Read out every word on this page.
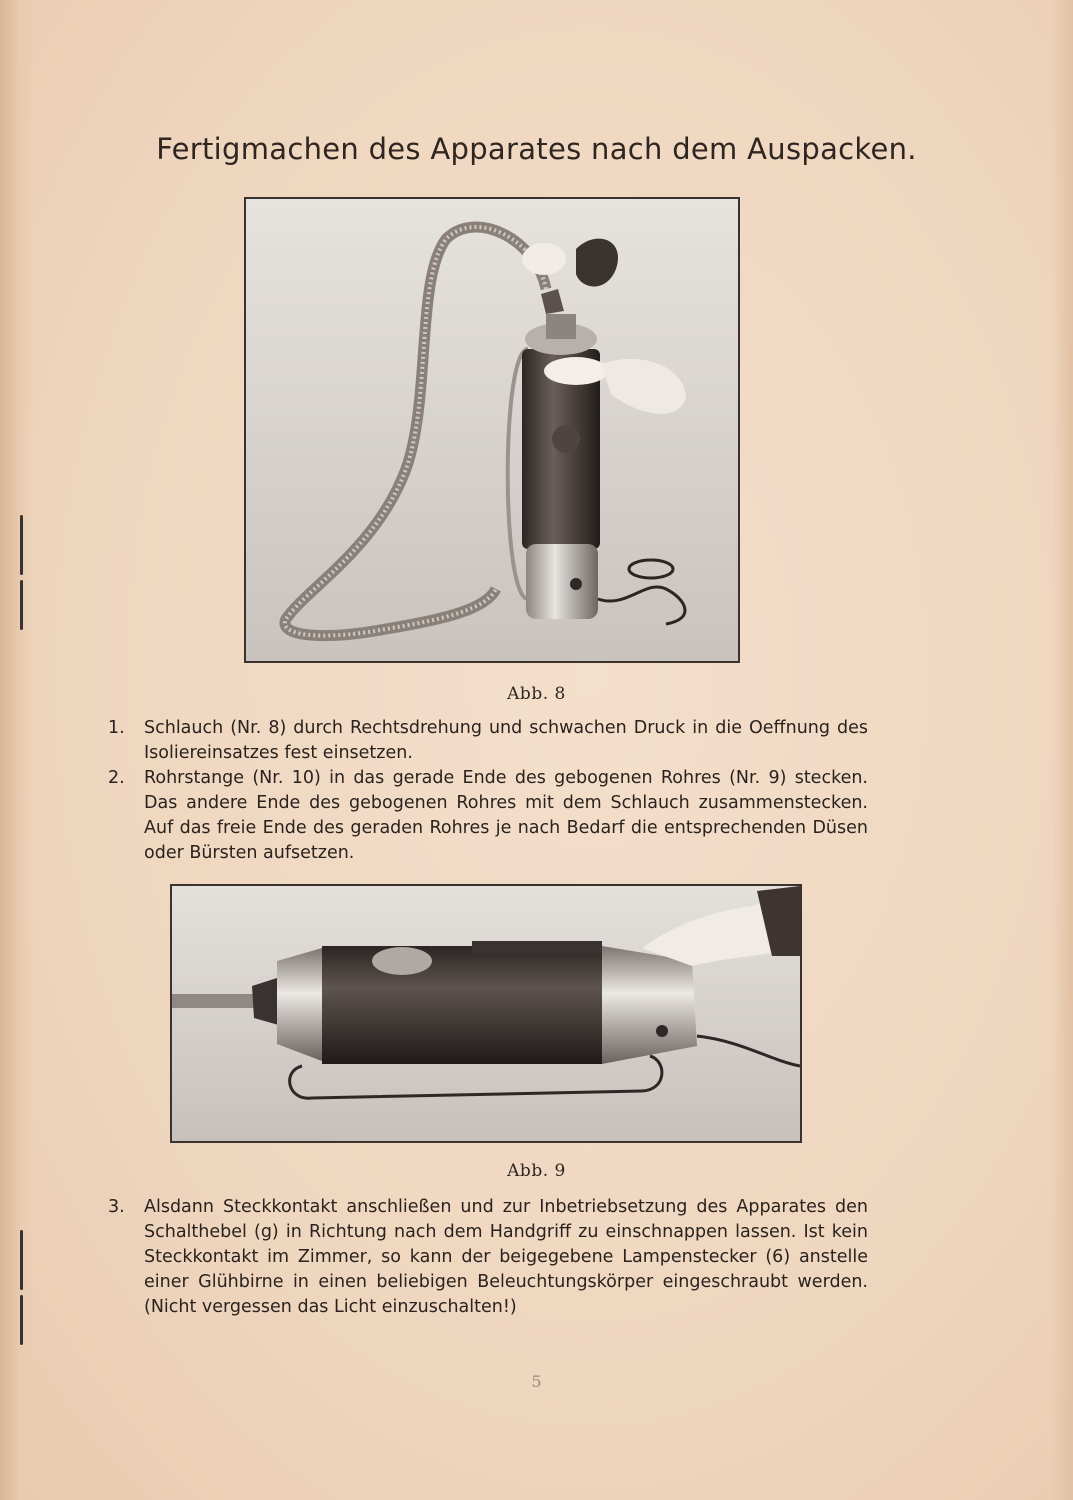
Fertigmachen des Apparates nach dem Auspacken.
Abb. 8
1.	Schlauch (Nr. 8) durch Rechtsdrehung und schwachen Druck in die Oeffnung des Isoliereinsatzes fest einsetzen.
2.	Rohrstange (Nr. 10) in das gerade Ende des gebogenen Rohres (Nr. 9) stecken. Das andere Ende des gebogenen Rohres mit dem Schlauch zusammenstecken. Auf das freie Ende des geraden Rohres je nach Bedarf die entsprechenden Düsen oder Bürsten aufsetzen.
Abb. 9
3.	Alsdann Steckkontakt anschließen und zur Inbetriebsetzung des Apparates den Schalthebel (g) in Richtung nach dem Handgriff zu einschnappen lassen. Ist kein Steckkontakt im Zimmer, so kann der beigegebene Lampenstecker (6) anstelle einer Glühbirne in einen beliebigen Beleuchtungskörper eingeschraubt werden. (Nicht vergessen das Licht einzuschalten!)
5
